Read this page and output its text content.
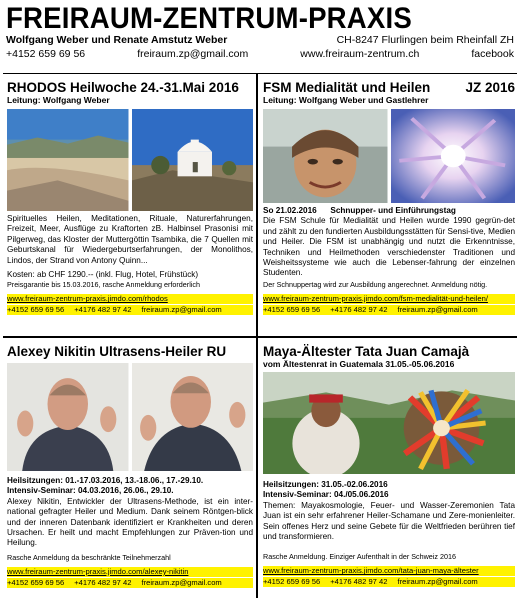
FREIRAUM-ZENTRUM-PRAXIS
Wolfgang Weber und Renate Amstutz Weber	CH-8247 Flurlingen beim Rheinfall ZH
+4152 659 69 56	freiraum.zp@gmail.com	www.freiraum-zentrum.ch	facebook
RHODOS Heilwoche 24.-31.Mai 2016
Leitung: Wolfgang Weber
Spirituelles Heilen, Meditationen, Rituale, Naturerfahrungen, Freizeit, Meer, Ausflüge zu Kraftorten zB. Halbinsel Prasonisi mit Pilgerweg, das Kloster der Muttergöttin Tsambika, die 7 Quellen mit Geburtskanal für Wiedergeburtserfahrungen, der Monolithos, Lindos, der Strand von Antony Quinn...
Kosten: ab CHF 1290.-- (inkl. Flug, Hotel, Frühstück)
Preisgarantie bis 15.03.2016, rasche Anmeldung erforderlich
www.freiraum-zentrum-praxis.jimdo.com/rhodos
+4152 659 69 56 +4176 482 97 42 freiraum.zp@gmail.com
FSM Medialität und Heilen	JZ 2016
Leitung: Wolfgang Weber und Gastlehrer
So 21.02.2016      Schnupper- und Einführungstag
Die FSM Schule für Medialität und Heilen wurde 1990 gegrün-det und zählt zu den fundierten Ausbildungsstätten für Sensi-tive, Medien und Heiler. Die FSM ist unabhängig und nutzt die Erkenntnisse, Techniken und Heilmethoden verschiedenster Traditionen und Weisheitssysteme wie auch die Lebenser-fahrung der einzelnen Studenten.
Der Schnuppertag wird zur Ausbildung angerechnet. Anmeldung nötig.
www.freiraum-zentrum-praxis.jimdo.com/fsm-medialität-und-heilen/
+4152 659 69 56 +4176 482 97 42 freiraum.zp@gmail.com
Alexey Nikitin Ultrasens-Heiler RU
Heilsitzungen: 01.-17.03.2016, 13.-18.06., 17.-29.10.
Intensiv-Seminar: 04.03.2016, 26.06., 29.10.
Alexey Nikitin, Entwickler der Ultrasens-Methode, ist ein inter-national gefragter Heiler und Medium. Dank seinem Röntgen-blick und der inneren Datenbank identifiziert er Krankheiten und deren Ursachen. Er heilt und macht Empfehlungen zur Präven-tion und Heilung.
Rasche Anmeldung da beschränkte Teilnehmerzahl
www.freiraum-zentrum-praxis.jimdo.com/alexey-nikitin
+4152 659 69 56 +4176 482 97 42 freiraum.zp@gmail.com
Maya-Ältester Tata Juan Camajà
vom Ältestenrat in Guatemala 31.05.-05.06.2016
Heilsitzungen: 31.05.-02.06.2016
Intensiv-Seminar: 04./05.06.2016
Themen: Mayakosmologie, Feuer- und Wasser-Zeremonien Tata Juan ist ein sehr erfahrener Heiler-Schamane und Zere-monienleiter. Sein offenes Herz und seine Gebete für die Weltfrieden berühren tief und transformieren.
Rasche Anmeldung. Einziger Aufenthalt in der Schweiz 2016
www.freiraum-zentrum-praxis.jimdo.com/tata-juan-maya-ältester
+4152 659 69 56 +4176 482 97 42 freiraum.zp@gmail.com
